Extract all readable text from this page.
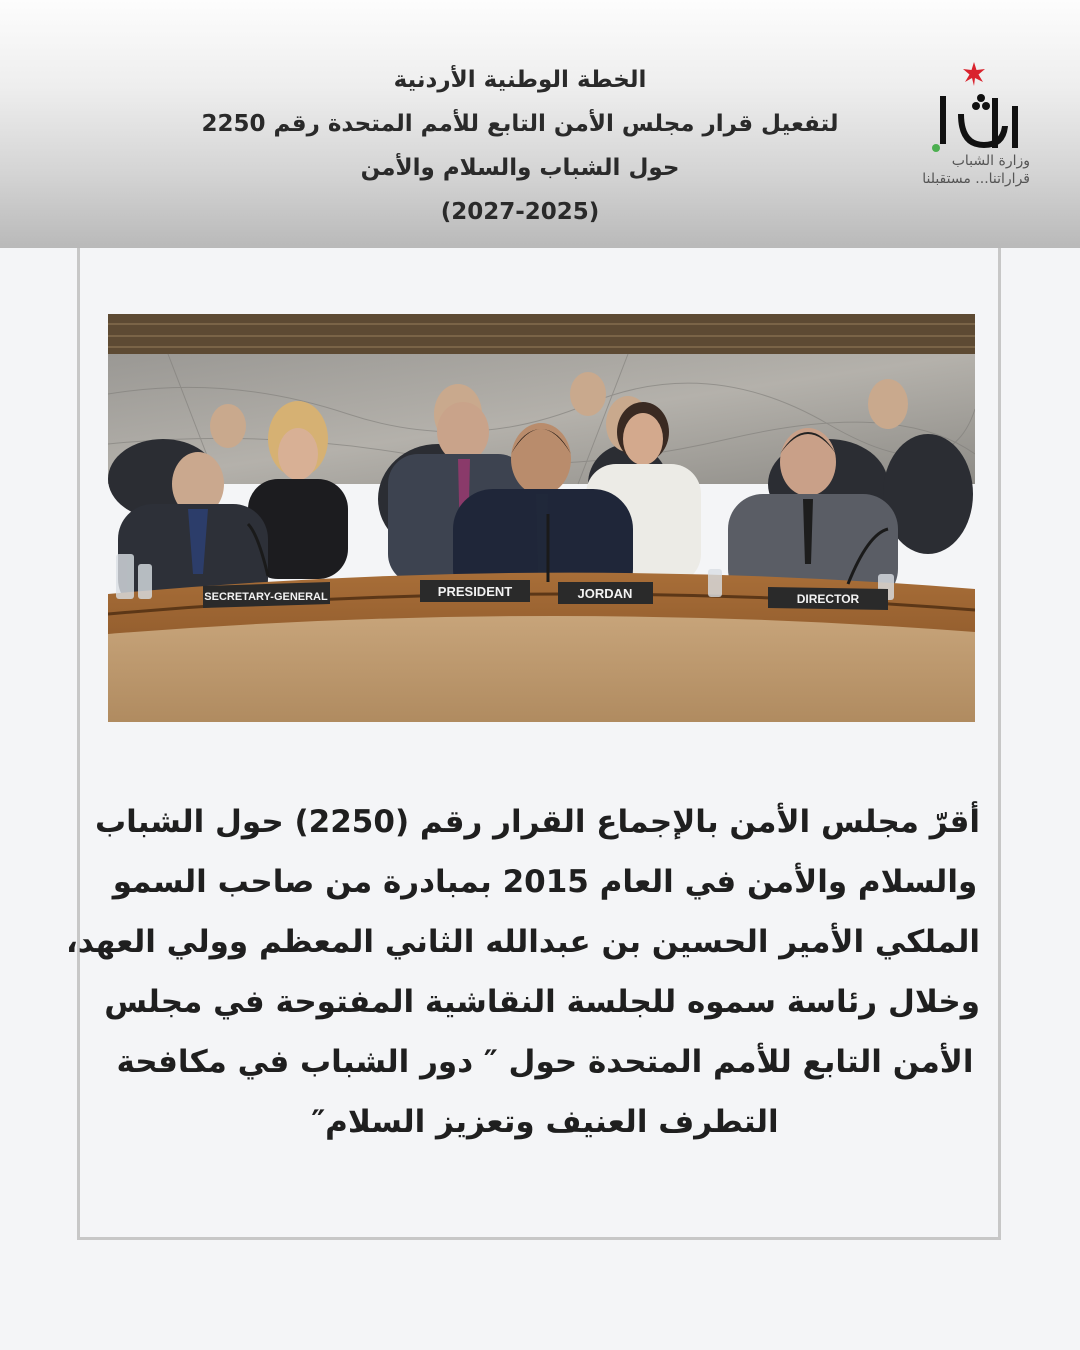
الخطة الوطنية الأردنية
لتفعيل قرار مجلس الأمن التابع للأمم المتحدة رقم 2250
حول الشباب والسلام والأمن
(2027-2025)
وزارة الشباب
قراراتنا... مستقبلنا
SECRETARY-GENERAL	PRESIDENT	JORDAN	DIRECTOR
أقرّ مجلس الأمن بالإجماع القرار رقم (2250) حول الشباب
والسلام والأمن في العام 2015 بمبادرة من صاحب السمو
الملكي الأمير الحسين بن عبدالله الثاني المعظم وولي العهد،
وخلال رئاسة سموه للجلسة النقاشية المفتوحة في مجلس
الأمن التابع للأمم المتحدة حول ″ دور الشباب في مكافحة
التطرف العنيف وتعزيز السلام″
